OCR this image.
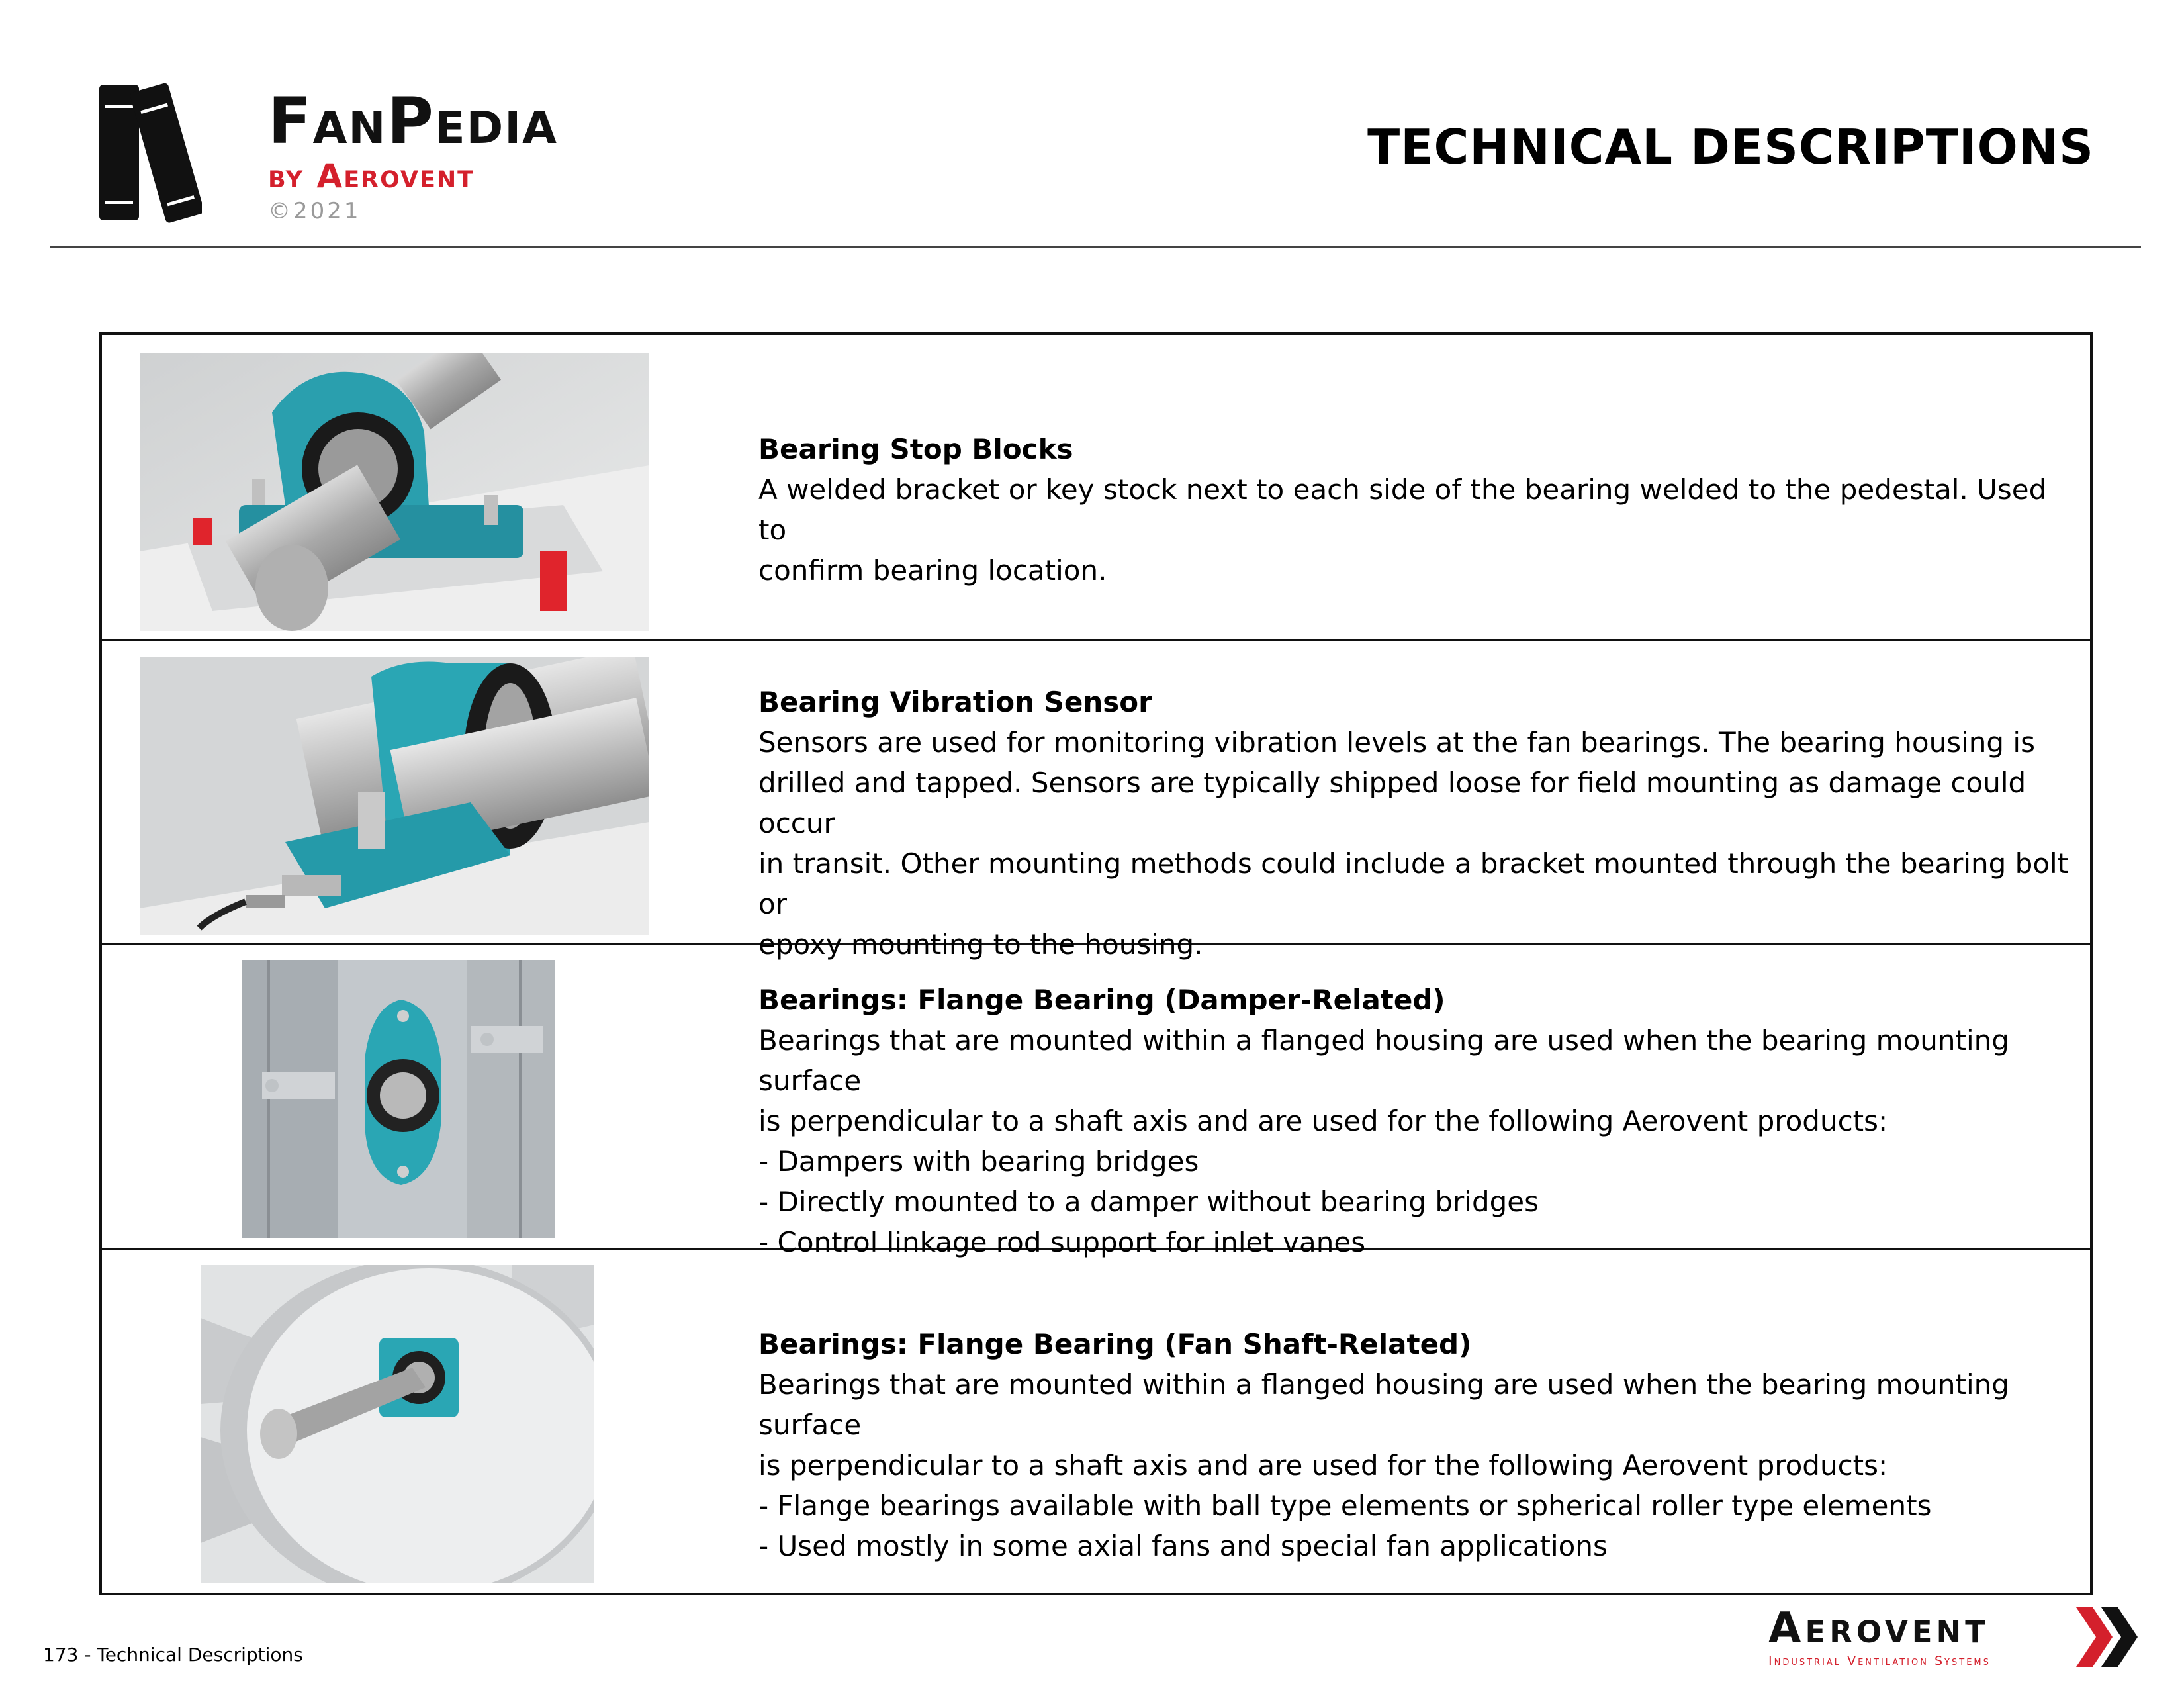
FanPedia
by Aerovent
©2021
TECHNICAL DESCRIPTIONS
Bearing Stop Blocks
A welded bracket or key stock next to each side of the bearing welded to the pedestal. Used to
confirm bearing location.
Bearing Vibration Sensor
Sensors are used for monitoring vibration levels at the fan bearings. The bearing housing is
drilled and tapped. Sensors are typically shipped loose for field mounting as damage could occur
in transit. Other mounting methods could include a bracket mounted through the bearing bolt or
epoxy mounting to the housing.
Bearings: Flange Bearing (Damper-Related)
Bearings that are mounted within a flanged housing are used when the bearing mounting surface
is perpendicular to a shaft axis and are used for the following Aerovent products:
- Dampers with bearing bridges
- Directly mounted to a damper without bearing bridges
- Control linkage rod support for inlet vanes
Bearings: Flange Bearing (Fan Shaft-Related)
Bearings that are mounted within a flanged housing are used when the bearing mounting surface
is perpendicular to a shaft axis and are used for the following Aerovent products:
- Flange bearings available with ball type elements or spherical roller type elements
- Used mostly in some axial fans and special fan applications
173 - Technical Descriptions
Aerovent
Industrial Ventilation Systems
